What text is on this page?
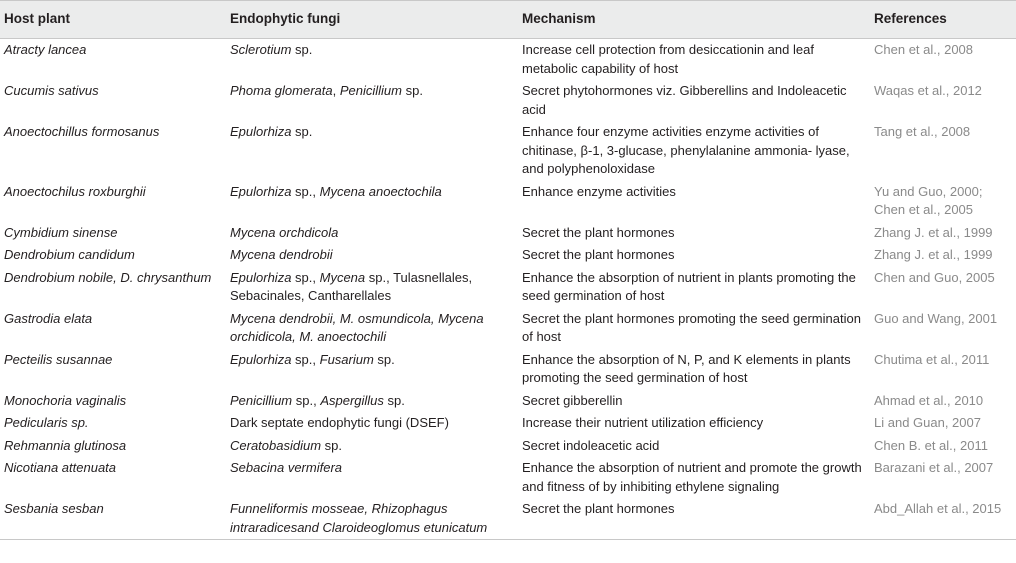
Host plant	Endophytic fungi	Mechanism	References
Atracty lancea	Sclerotium sp.	Increase cell protection from desiccationin and leaf metabolic capability of host	Chen et al., 2008
Cucumis sativus	Phoma glomerata, Penicillium sp.	Secret phytohormones viz. Gibberellins and Indoleacetic acid	Waqas et al., 2012
Anoectochillus formosanus	Epulorhiza sp.	Enhance four enzyme activities enzyme activities of chitinase, β-1, 3-glucase, phenylalanine ammonia- lyase, and polyphenoloxidase	Tang et al., 2008
Anoectochilus roxburghii	Epulorhiza sp., Mycena anoectochila	Enhance enzyme activities	Yu and Guo, 2000; Chen et al., 2005
Cymbidium sinense	Mycena orchdicola	Secret the plant hormones	Zhang J. et al., 1999
Dendrobium candidum	Mycena dendrobii	Secret the plant hormones	Zhang J. et al., 1999
Dendrobium nobile, D. chrysanthum	Epulorhiza sp., Mycena sp., Tulasnellales, Sebacinales, Cantharellales	Enhance the absorption of nutrient in plants promoting the seed germination of host	Chen and Guo, 2005
Gastrodia elata	Mycena dendrobii, M. osmundicola, Mycena orchidicola, M. anoectochili	Secret the plant hormones promoting the seed germination of host	Guo and Wang, 2001
Pecteilis susannae	Epulorhiza sp., Fusarium sp.	Enhance the absorption of N, P, and K elements in plants promoting the seed germination of host	Chutima et al., 2011
Monochoria vaginalis	Penicillium sp., Aspergillus sp.	Secret gibberellin	Ahmad et al., 2010
Pedicularis sp.	Dark septate endophytic fungi (DSEF)	Increase their nutrient utilization efficiency	Li and Guan, 2007
Rehmannia glutinosa	Ceratobasidium sp.	Secret indoleacetic acid	Chen B. et al., 2011
Nicotiana attenuata	Sebacina vermifera	Enhance the absorption of nutrient and promote the growth and fitness of by inhibiting ethylene signaling	Barazani et al., 2007
Sesbania sesban	Funneliformis mosseae, Rhizophagus intraradicesand Claroideoglomus etunicatum	Secret the plant hormones	Abd_Allah et al., 2015
